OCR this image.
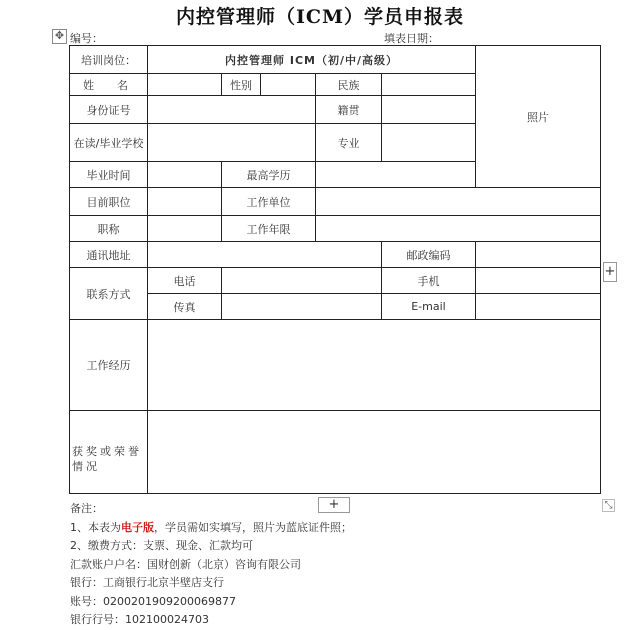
内控管理师（ICM）学员申报表
✥ 编号：	填表日期：
培训岗位：	内控管理师 ICM（初/中/高级）					照片
姓　名		性别		民族		
身份证号				籍贯		
在读/毕业学校				专业		
毕业时间		最高学历				
目前职位		工作单位				
职称		工作年限				
通讯地址					邮政编码	
联系方式	电话				手机	
	传真				E-mail	
工作经历						
获奖或荣誉情况						
+
+	⤡
备注：
1、本表为电子版，学员需如实填写，照片为蓝底证件照；
2、缴费方式：支票、现金、汇款均可
汇款账户户名：国财创新（北京）咨询有限公司
银行：工商银行北京半壁店支行
账号：0200201909200069877
银行行号：102100024703
